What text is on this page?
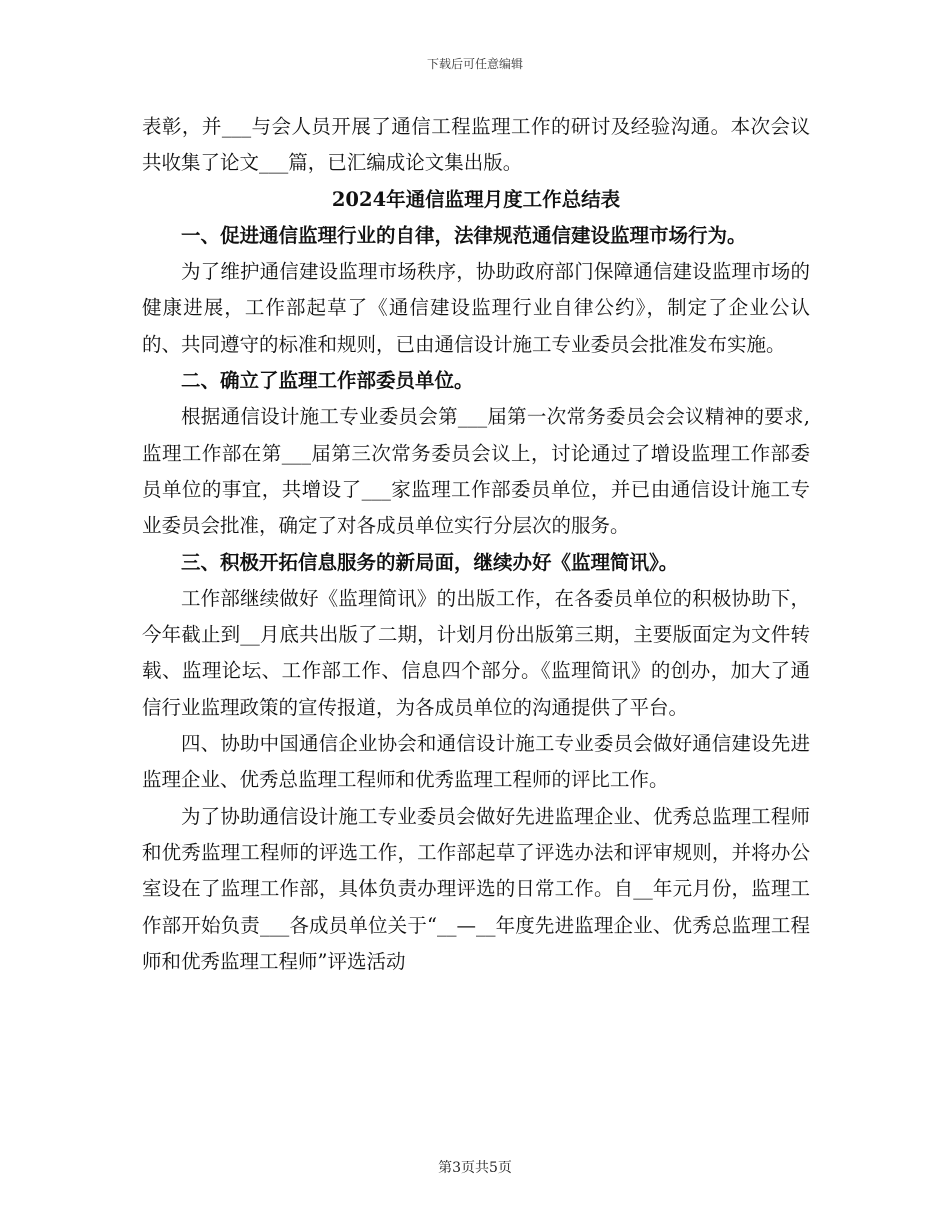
下载后可任意编辑

表彰，并___与会人员开展了通信工程监理工作的研讨及经验沟通。本次会议共收集了论文___篇，已汇编成论文集出版。

2024年通信监理月度工作总结表

一、促进通信监理行业的自律，法律规范通信建设监理市场行为。

为了维护通信建设监理市场秩序，协助政府部门保障通信建设监理市场的健康进展，工作部起草了《通信建设监理行业自律公约》，制定了企业公认的、共同遵守的标准和规则，已由通信设计施工专业委员会批准发布实施。

二、确立了监理工作部委员单位。

根据通信设计施工专业委员会第___届第一次常务委员会会议精神的要求,监理工作部在第___届第三次常务委员会议上，讨论通过了增设监理工作部委员单位的事宜，共增设了___家监理工作部委员单位，并已由通信设计施工专业委员会批准，确定了对各成员单位实行分层次的服务。

三、积极开拓信息服务的新局面，继续办好《监理简讯》。

工作部继续做好《监理简讯》的出版工作，在各委员单位的积极协助下，今年截止到__月底共出版了二期，计划月份出版第三期，主要版面定为文件转载、监理论坛、工作部工作、信息四个部分。《监理简讯》的创办，加大了通信行业监理政策的宣传报道，为各成员单位的沟通提供了平台。

四、协助中国通信企业协会和通信设计施工专业委员会做好通信建设先进监理企业、优秀总监理工程师和优秀监理工程师的评比工作。

为了协助通信设计施工专业委员会做好先进监理企业、优秀总监理工程师和优秀监理工程师的评选工作，工作部起草了评选办法和评审规则，并将办公室设在了监理工作部，具体负责办理评选的日常工作。自__年元月份，监理工作部开始负责___各成员单位关于“__—__年度先进监理企业、优秀总监理工程师和优秀监理工程师”评选活动

第3页共5页
